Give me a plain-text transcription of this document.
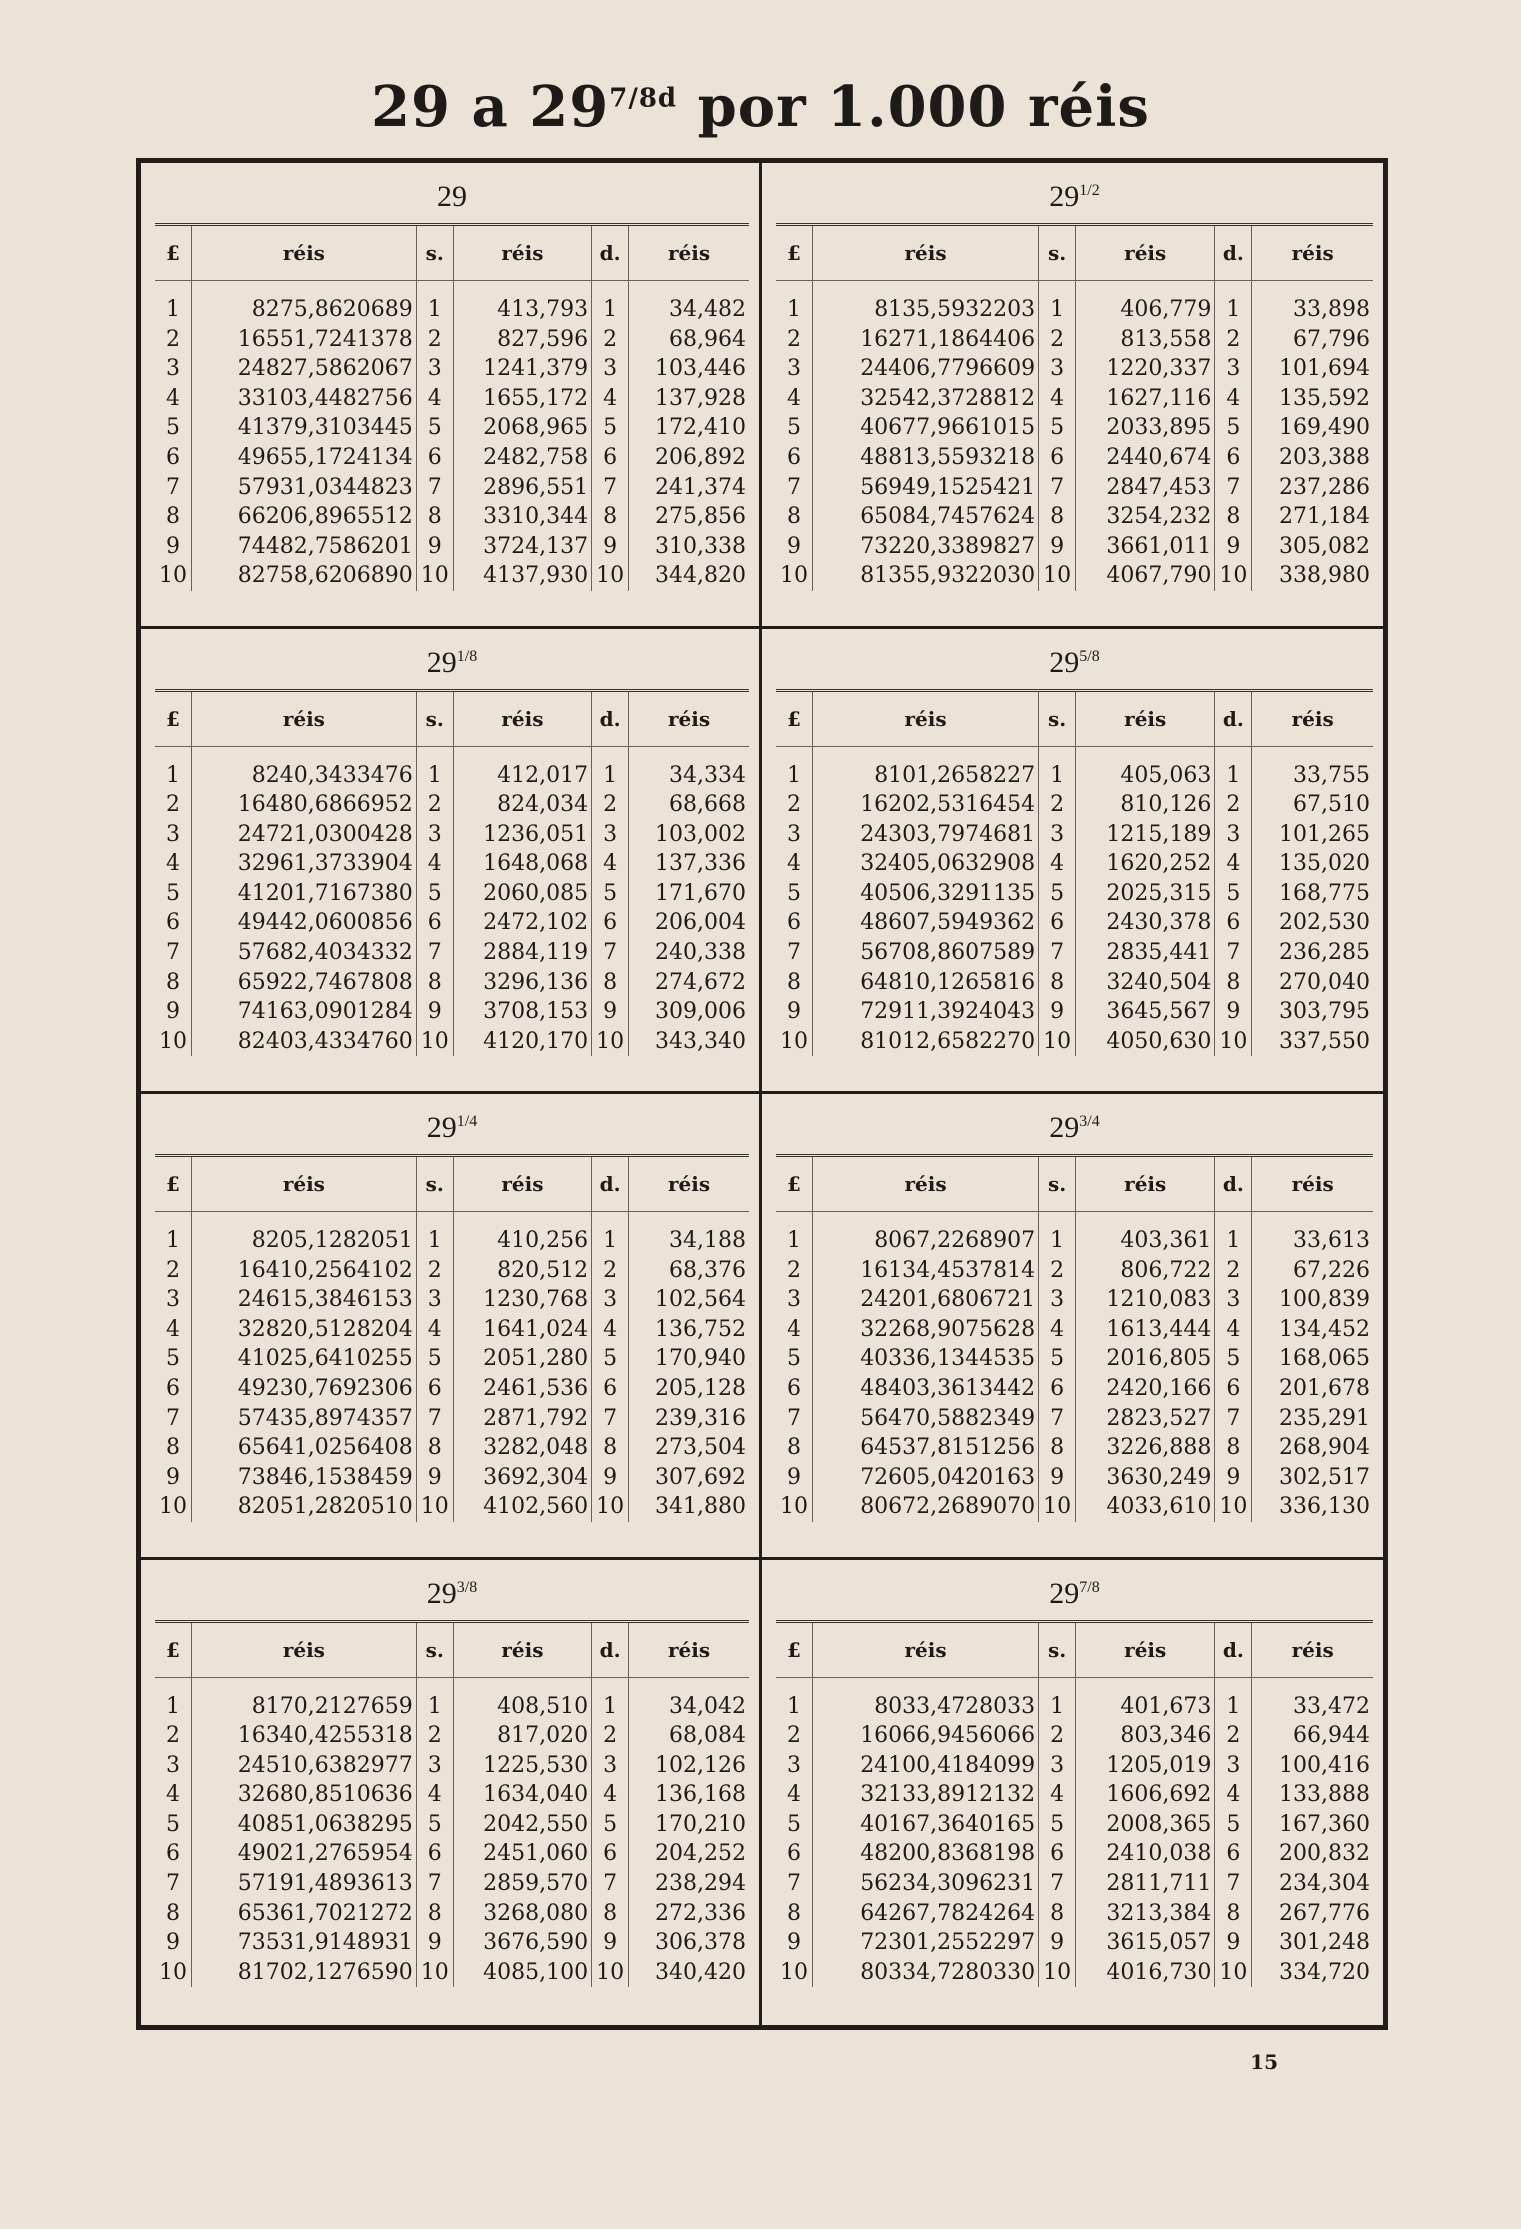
29 a $29^{7/8d}$ por 1.000 réis
29
£	réis	s.	réis	d.	réis
1	8275,8620689	1	413,793	1	34,482
2	16551,7241378	2	827,596	2	68,964
3	24827,5862067	3	1241,379	3	103,446
4	33103,4482756	4	1655,172	4	137,928
5	41379,3103445	5	2068,965	5	172,410
6	49655,1724134	6	2482,758	6	206,892
7	57931,0344823	7	2896,551	7	241,374
8	66206,8965512	8	3310,344	8	275,856
9	74482,7586201	9	3724,137	9	310,338
10	82758,6206890	10	4137,930	10	344,820
$29^{1/2}$
£	réis	s.	réis	d.	réis
1	8135,5932203	1	406,779	1	33,898
2	16271,1864406	2	813,558	2	67,796
3	24406,7796609	3	1220,337	3	101,694
4	32542,3728812	4	1627,116	4	135,592
5	40677,9661015	5	2033,895	5	169,490
6	48813,5593218	6	2440,674	6	203,388
7	56949,1525421	7	2847,453	7	237,286
8	65084,7457624	8	3254,232	8	271,184
9	73220,3389827	9	3661,011	9	305,082
10	81355,9322030	10	4067,790	10	338,980
$29^{1/8}$
£	réis	s.	réis	d.	réis
1	8240,3433476	1	412,017	1	34,334
2	16480,6866952	2	824,034	2	68,668
3	24721,0300428	3	1236,051	3	103,002
4	32961,3733904	4	1648,068	4	137,336
5	41201,7167380	5	2060,085	5	171,670
6	49442,0600856	6	2472,102	6	206,004
7	57682,4034332	7	2884,119	7	240,338
8	65922,7467808	8	3296,136	8	274,672
9	74163,0901284	9	3708,153	9	309,006
10	82403,4334760	10	4120,170	10	343,340
$29^{5/8}$
£	réis	s.	réis	d.	réis
1	8101,2658227	1	405,063	1	33,755
2	16202,5316454	2	810,126	2	67,510
3	24303,7974681	3	1215,189	3	101,265
4	32405,0632908	4	1620,252	4	135,020
5	40506,3291135	5	2025,315	5	168,775
6	48607,5949362	6	2430,378	6	202,530
7	56708,8607589	7	2835,441	7	236,285
8	64810,1265816	8	3240,504	8	270,040
9	72911,3924043	9	3645,567	9	303,795
10	81012,6582270	10	4050,630	10	337,550
$29^{1/4}$
£	réis	s.	réis	d.	réis
1	8205,1282051	1	410,256	1	34,188
2	16410,2564102	2	820,512	2	68,376
3	24615,3846153	3	1230,768	3	102,564
4	32820,5128204	4	1641,024	4	136,752
5	41025,6410255	5	2051,280	5	170,940
6	49230,7692306	6	2461,536	6	205,128
7	57435,8974357	7	2871,792	7	239,316
8	65641,0256408	8	3282,048	8	273,504
9	73846,1538459	9	3692,304	9	307,692
10	82051,2820510	10	4102,560	10	341,880
$29^{3/4}$
£	réis	s.	réis	d.	réis
1	8067,2268907	1	403,361	1	33,613
2	16134,4537814	2	806,722	2	67,226
3	24201,6806721	3	1210,083	3	100,839
4	32268,9075628	4	1613,444	4	134,452
5	40336,1344535	5	2016,805	5	168,065
6	48403,3613442	6	2420,166	6	201,678
7	56470,5882349	7	2823,527	7	235,291
8	64537,8151256	8	3226,888	8	268,904
9	72605,0420163	9	3630,249	9	302,517
10	80672,2689070	10	4033,610	10	336,130
$29^{3/8}$
£	réis	s.	réis	d.	réis
1	8170,2127659	1	408,510	1	34,042
2	16340,4255318	2	817,020	2	68,084
3	24510,6382977	3	1225,530	3	102,126
4	32680,8510636	4	1634,040	4	136,168
5	40851,0638295	5	2042,550	5	170,210
6	49021,2765954	6	2451,060	6	204,252
7	57191,4893613	7	2859,570	7	238,294
8	65361,7021272	8	3268,080	8	272,336
9	73531,9148931	9	3676,590	9	306,378
10	81702,1276590	10	4085,100	10	340,420
$29^{7/8}$
£	réis	s.	réis	d.	réis
1	8033,4728033	1	401,673	1	33,472
2	16066,9456066	2	803,346	2	66,944
3	24100,4184099	3	1205,019	3	100,416
4	32133,8912132	4	1606,692	4	133,888
5	40167,3640165	5	2008,365	5	167,360
6	48200,8368198	6	2410,038	6	200,832
7	56234,3096231	7	2811,711	7	234,304
8	64267,7824264	8	3213,384	8	267,776
9	72301,2552297	9	3615,057	9	301,248
10	80334,7280330	10	4016,730	10	334,720
15
